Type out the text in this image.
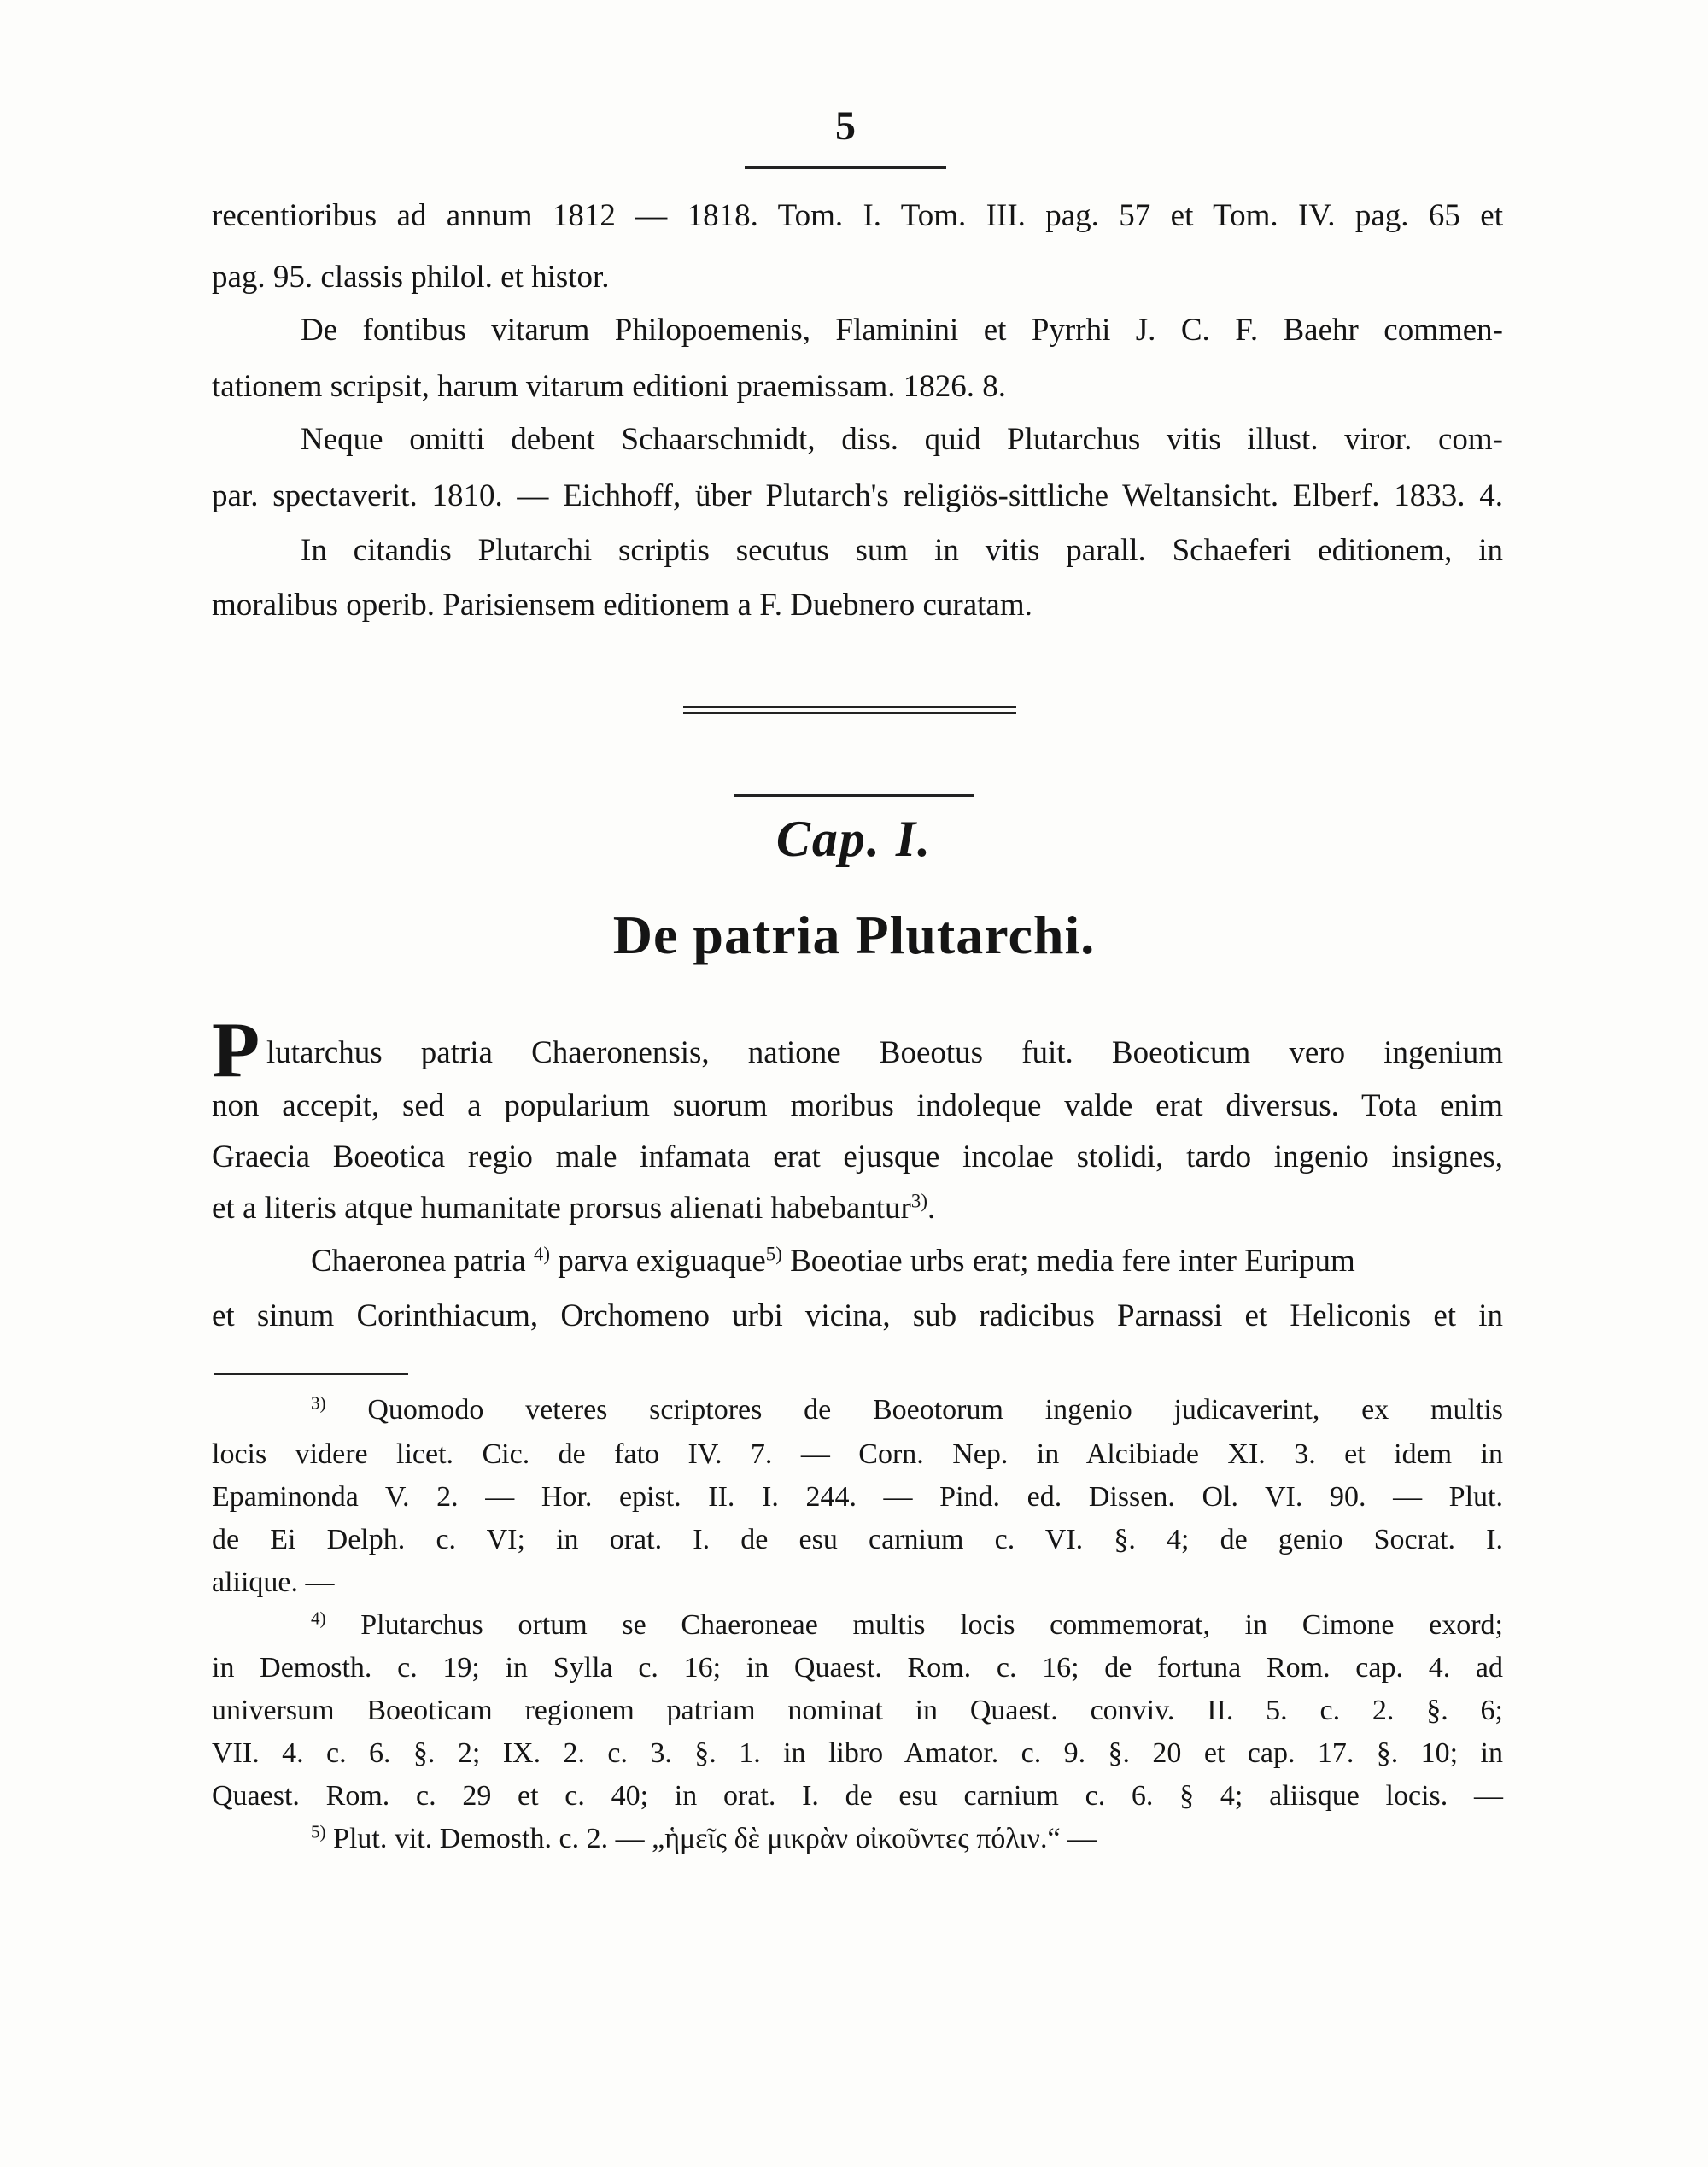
5
recentioribus ad annum 1812 — 1818. Tom. I. Tom. III. pag. 57 et Tom. IV. pag. 65 et
pag. 95. classis philol. et histor.
De fontibus vitarum Philopoemenis, Flaminini et Pyrrhi J. C. F. Baehr commen-
tationem scripsit, harum vitarum editioni praemissam. 1826. 8.
Neque omitti debent Schaarschmidt, diss. quid Plutarchus vitis illust. viror. com-
par. spectaverit. 1810. — Eichhoff, über Plutarch's religiös-sittliche Weltansicht. Elberf. 1833. 4.
In citandis Plutarchi scriptis secutus sum in vitis parall. Schaeferi editionem, in
moralibus operib. Parisiensem editionem a F. Duebnero curatam.
Cap. I.
De patria Plutarchi.
P lutarchus patria Chaeronensis, natione Boeotus fuit. Boeoticum vero ingenium
non accepit, sed a popularium suorum moribus indoleque valde erat diversus. Tota enim
Graecia Boeotica regio male infamata erat ejusque incolae stolidi, tardo ingenio insignes,
et a literis atque humanitate prorsus alienati habebantur$^{3)}$.
Chaeronea patria $^{4)}$ parva exiguaque$^{5)}$ Boeotiae urbs erat; media fere inter Euripum
et sinum Corinthiacum, Orchomeno urbi vicina, sub radicibus Parnassi et Heliconis et in
$^{3)}$ Quomodo veteres scriptores de Boeotorum ingenio judicaverint, ex multis
locis videre licet. Cic. de fato IV. 7. — Corn. Nep. in Alcibiade XI. 3. et idem in
Epaminonda V. 2. — Hor. epist. II. I. 244. — Pind. ed. Dissen. Ol. VI. 90. — Plut.
de Ei Delph. c. VI; in orat. I. de esu carnium c. VI. §. 4; de genio Socrat. I.
aliique. —
$^{4)}$ Plutarchus ortum se Chaeroneae multis locis commemorat, in Cimone exord;
in Demosth. c. 19; in Sylla c. 16; in Quaest. Rom. c. 16; de fortuna Rom. cap. 4. ad
universum Boeoticam regionem patriam nominat in Quaest. conviv. II. 5. c. 2. §. 6;
VII. 4. c. 6. §. 2; IX. 2. c. 3. §. 1. in libro Amator. c. 9. §. 20 et cap. 17. §. 10; in
Quaest. Rom. c. 29 et c. 40; in orat. I. de esu carnium c. 6. § 4; aliisque locis. —
$^{5)}$ Plut. vit. Demosth. c. 2. — „ἡμεῖς δὲ μικρὰν οἰκοῦντες πόλιν.“ —
